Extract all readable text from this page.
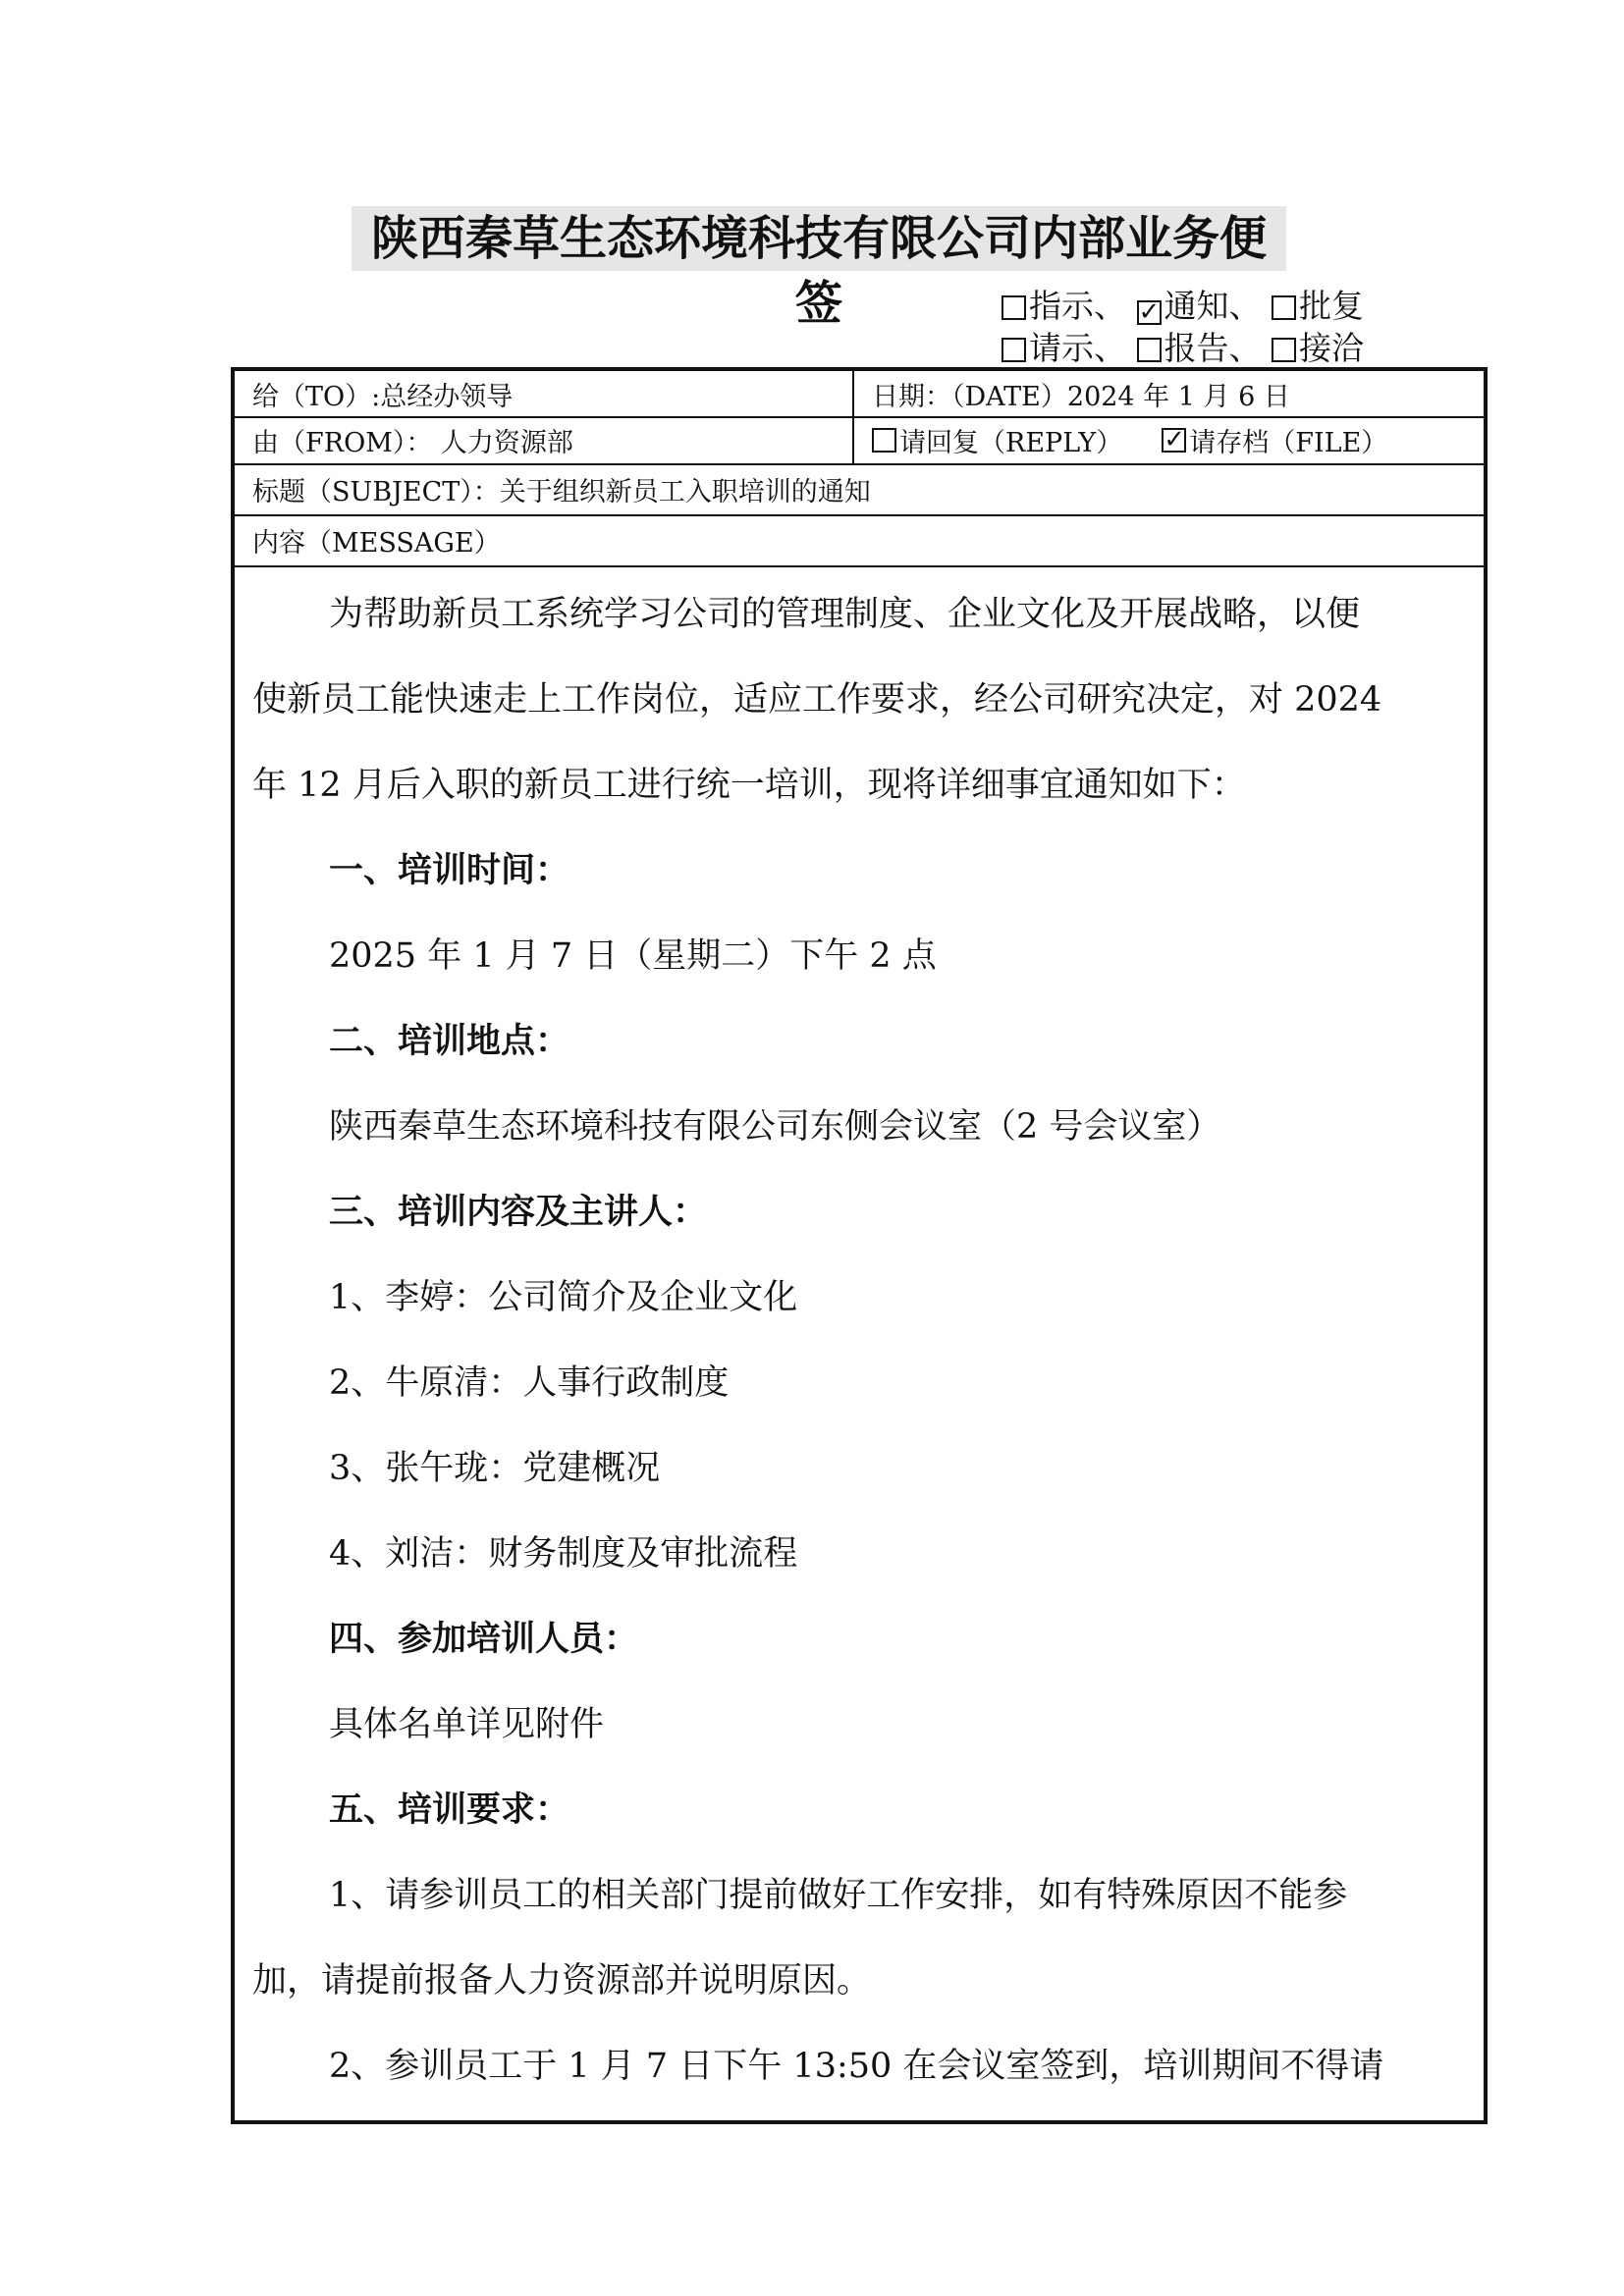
陕西秦草生态环境科技有限公司内部业务便签	指示、 ✓ 通知、 批复
请示、 报告、 接洽
给（TO）:总经办领导	日期：（DATE）2024 年 1 月 6 日
由（FROM）： 人力资源部	请回复（REPLY） ✓ 请存档（FILE）
标题（SUBJECT）：关于组织新员工入职培训的通知
内容（MESSAGE）
为帮助新员工系统学习公司的管理制度、企业文化及开展战略，以便
使新员工能快速走上工作岗位，适应工作要求，经公司研究决定，对 2024
年 12 月后入职的新员工进行统一培训，现将详细事宜通知如下：
一、培训时间：
2025 年 1 月 7 日（星期二）下午 2 点
二、培训地点：
陕西秦草生态环境科技有限公司东侧会议室（2 号会议室）
三、培训内容及主讲人：
1、李婷：公司简介及企业文化
2、牛原清：人事行政制度
3、张午珑：党建概况
4、刘洁：财务制度及审批流程
四、参加培训人员：
具体名单详见附件
五、培训要求：
1、请参训员工的相关部门提前做好工作安排，如有特殊原因不能参
加，请提前报备人力资源部并说明原因。
2、参训员工于 1 月 7 日下午 13:50 在会议室签到，培训期间不得请
